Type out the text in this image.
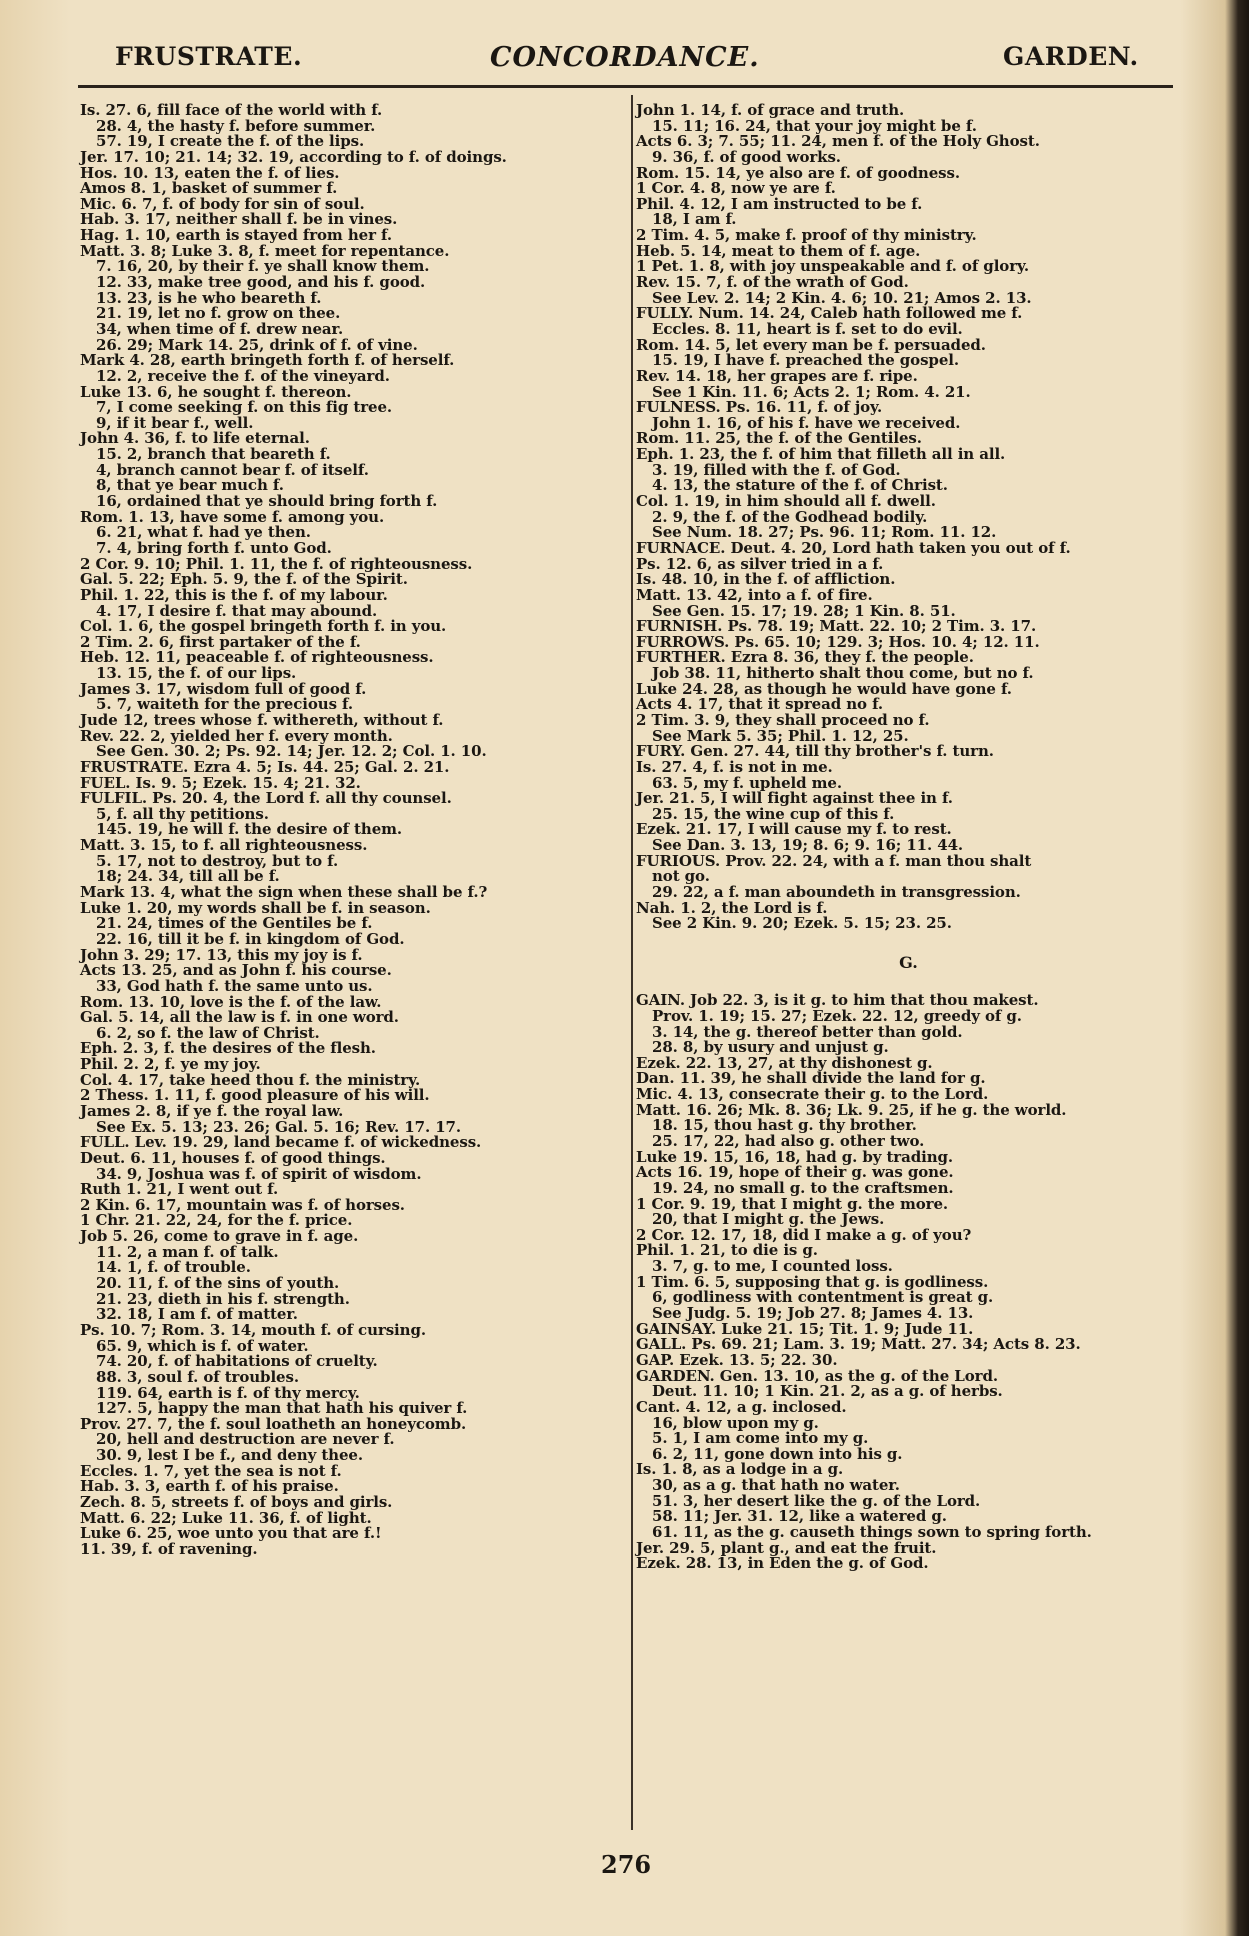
FRUSTRATE.	CONCORDANCE.	GARDEN.
Is. 27. 6, fill face of the world with f.
28. 4, the hasty f. before summer.
57. 19, I create the f. of the lips.
Jer. 17. 10; 21. 14; 32. 19, according to f. of doings.
Hos. 10. 13, eaten the f. of lies.
Amos 8. 1, basket of summer f.
Mic. 6. 7, f. of body for sin of soul.
Hab. 3. 17, neither shall f. be in vines.
Hag. 1. 10, earth is stayed from her f.
Matt. 3. 8; Luke 3. 8, f. meet for repentance.
7. 16, 20, by their f. ye shall know them.
12. 33, make tree good, and his f. good.
13. 23, is he who beareth f.
21. 19, let no f. grow on thee.
34, when time of f. drew near.
26. 29; Mark 14. 25, drink of f. of vine.
Mark 4. 28, earth bringeth forth f. of herself.
12. 2, receive the f. of the vineyard.
Luke 13. 6, he sought f. thereon.
7, I come seeking f. on this fig tree.
9, if it bear f., well.
John 4. 36, f. to life eternal.
15. 2, branch that beareth f.
4, branch cannot bear f. of itself.
8, that ye bear much f.
16, ordained that ye should bring forth f.
Rom. 1. 13, have some f. among you.
6. 21, what f. had ye then.
7. 4, bring forth f. unto God.
2 Cor. 9. 10; Phil. 1. 11, the f. of righteousness.
Gal. 5. 22; Eph. 5. 9, the f. of the Spirit.
Phil. 1. 22, this is the f. of my labour.
4. 17, I desire f. that may abound.
Col. 1. 6, the gospel bringeth forth f. in you.
2 Tim. 2. 6, first partaker of the f.
Heb. 12. 11, peaceable f. of righteousness.
13. 15, the f. of our lips.
James 3. 17, wisdom full of good f.
5. 7, waiteth for the precious f.
Jude 12, trees whose f. withereth, without f.
Rev. 22. 2, yielded her f. every month.
See Gen. 30. 2; Ps. 92. 14; Jer. 12. 2; Col. 1. 10.
FRUSTRATE. Ezra 4. 5; Is. 44. 25; Gal. 2. 21.
FUEL. Is. 9. 5; Ezek. 15. 4; 21. 32.
FULFIL. Ps. 20. 4, the Lord f. all thy counsel.
5, f. all thy petitions.
145. 19, he will f. the desire of them.
Matt. 3. 15, to f. all righteousness.
5. 17, not to destroy, but to f.
18; 24. 34, till all be f.
Mark 13. 4, what the sign when these shall be f.?
Luke 1. 20, my words shall be f. in season.
21. 24, times of the Gentiles be f.
22. 16, till it be f. in kingdom of God.
John 3. 29; 17. 13, this my joy is f.
Acts 13. 25, and as John f. his course.
33, God hath f. the same unto us.
Rom. 13. 10, love is the f. of the law.
Gal. 5. 14, all the law is f. in one word.
6. 2, so f. the law of Christ.
Eph. 2. 3, f. the desires of the flesh.
Phil. 2. 2, f. ye my joy.
Col. 4. 17, take heed thou f. the ministry.
2 Thess. 1. 11, f. good pleasure of his will.
James 2. 8, if ye f. the royal law.
See Ex. 5. 13; 23. 26; Gal. 5. 16; Rev. 17. 17.
FULL. Lev. 19. 29, land became f. of wickedness.
Deut. 6. 11, houses f. of good things.
34. 9, Joshua was f. of spirit of wisdom.
Ruth 1. 21, I went out f.
2 Kin. 6. 17, mountain was f. of horses.
1 Chr. 21. 22, 24, for the f. price.
Job 5. 26, come to grave in f. age.
11. 2, a man f. of talk.
14. 1, f. of trouble.
20. 11, f. of the sins of youth.
21. 23, dieth in his f. strength.
32. 18, I am f. of matter.
Ps. 10. 7; Rom. 3. 14, mouth f. of cursing.
65. 9, which is f. of water.
74. 20, f. of habitations of cruelty.
88. 3, soul f. of troubles.
119. 64, earth is f. of thy mercy.
127. 5, happy the man that hath his quiver f.
Prov. 27. 7, the f. soul loatheth an honeycomb.
20, hell and destruction are never f.
30. 9, lest I be f., and deny thee.
Eccles. 1. 7, yet the sea is not f.
Hab. 3. 3, earth f. of his praise.
Zech. 8. 5, streets f. of boys and girls.
Matt. 6. 22; Luke 11. 36, f. of light.
Luke 6. 25, woe unto you that are f.!
11. 39, f. of ravening.
John 1. 14, f. of grace and truth.
15. 11; 16. 24, that your joy might be f.
Acts 6. 3; 7. 55; 11. 24, men f. of the Holy Ghost.
9. 36, f. of good works.
Rom. 15. 14, ye also are f. of goodness.
1 Cor. 4. 8, now ye are f.
Phil. 4. 12, I am instructed to be f.
18, I am f.
2 Tim. 4. 5, make f. proof of thy ministry.
Heb. 5. 14, meat to them of f. age.
1 Pet. 1. 8, with joy unspeakable and f. of glory.
Rev. 15. 7, f. of the wrath of God.
See Lev. 2. 14; 2 Kin. 4. 6; 10. 21; Amos 2. 13.
FULLY. Num. 14. 24, Caleb hath followed me f.
Eccles. 8. 11, heart is f. set to do evil.
Rom. 14. 5, let every man be f. persuaded.
15. 19, I have f. preached the gospel.
Rev. 14. 18, her grapes are f. ripe.
See 1 Kin. 11. 6; Acts 2. 1; Rom. 4. 21.
FULNESS. Ps. 16. 11, f. of joy.
John 1. 16, of his f. have we received.
Rom. 11. 25, the f. of the Gentiles.
Eph. 1. 23, the f. of him that filleth all in all.
3. 19, filled with the f. of God.
4. 13, the stature of the f. of Christ.
Col. 1. 19, in him should all f. dwell.
2. 9, the f. of the Godhead bodily.
See Num. 18. 27; Ps. 96. 11; Rom. 11. 12.
FURNACE. Deut. 4. 20, Lord hath taken you out of f.
Ps. 12. 6, as silver tried in a f.
Is. 48. 10, in the f. of affliction.
Matt. 13. 42, into a f. of fire.
See Gen. 15. 17; 19. 28; 1 Kin. 8. 51.
FURNISH. Ps. 78. 19; Matt. 22. 10; 2 Tim. 3. 17.
FURROWS. Ps. 65. 10; 129. 3; Hos. 10. 4; 12. 11.
FURTHER. Ezra 8. 36, they f. the people.
Job 38. 11, hitherto shalt thou come, but no f.
Luke 24. 28, as though he would have gone f.
Acts 4. 17, that it spread no f.
2 Tim. 3. 9, they shall proceed no f.
See Mark 5. 35; Phil. 1. 12, 25.
FURY. Gen. 27. 44, till thy brother's f. turn.
Is. 27. 4, f. is not in me.
63. 5, my f. upheld me.
Jer. 21. 5, I will fight against thee in f.
25. 15, the wine cup of this f.
Ezek. 21. 17, I will cause my f. to rest.
See Dan. 3. 13, 19; 8. 6; 9. 16; 11. 44.
FURIOUS. Prov. 22. 24, with a f. man thou shalt
not go.
29. 22, a f. man aboundeth in transgression.
Nah. 1. 2, the Lord is f.
See 2 Kin. 9. 20; Ezek. 5. 15; 23. 25.
G.
GAIN. Job 22. 3, is it g. to him that thou makest.
Prov. 1. 19; 15. 27; Ezek. 22. 12, greedy of g.
3. 14, the g. thereof better than gold.
28. 8, by usury and unjust g.
Ezek. 22. 13, 27, at thy dishonest g.
Dan. 11. 39, he shall divide the land for g.
Mic. 4. 13, consecrate their g. to the Lord.
Matt. 16. 26; Mk. 8. 36; Lk. 9. 25, if he g. the world.
18. 15, thou hast g. thy brother.
25. 17, 22, had also g. other two.
Luke 19. 15, 16, 18, had g. by trading.
Acts 16. 19, hope of their g. was gone.
19. 24, no small g. to the craftsmen.
1 Cor. 9. 19, that I might g. the more.
20, that I might g. the Jews.
2 Cor. 12. 17, 18, did I make a g. of you?
Phil. 1. 21, to die is g.
3. 7, g. to me, I counted loss.
1 Tim. 6. 5, supposing that g. is godliness.
6, godliness with contentment is great g.
See Judg. 5. 19; Job 27. 8; James 4. 13.
GAINSAY. Luke 21. 15; Tit. 1. 9; Jude 11.
GALL. Ps. 69. 21; Lam. 3. 19; Matt. 27. 34; Acts 8. 23.
GAP. Ezek. 13. 5; 22. 30.
GARDEN. Gen. 13. 10, as the g. of the Lord.
Deut. 11. 10; 1 Kin. 21. 2, as a g. of herbs.
Cant. 4. 12, a g. inclosed.
16, blow upon my g.
5. 1, I am come into my g.
6. 2, 11, gone down into his g.
Is. 1. 8, as a lodge in a g.
30, as a g. that hath no water.
51. 3, her desert like the g. of the Lord.
58. 11; Jer. 31. 12, like a watered g.
61. 11, as the g. causeth things sown to spring forth.
Jer. 29. 5, plant g., and eat the fruit.
Ezek. 28. 13, in Eden the g. of God.
276
